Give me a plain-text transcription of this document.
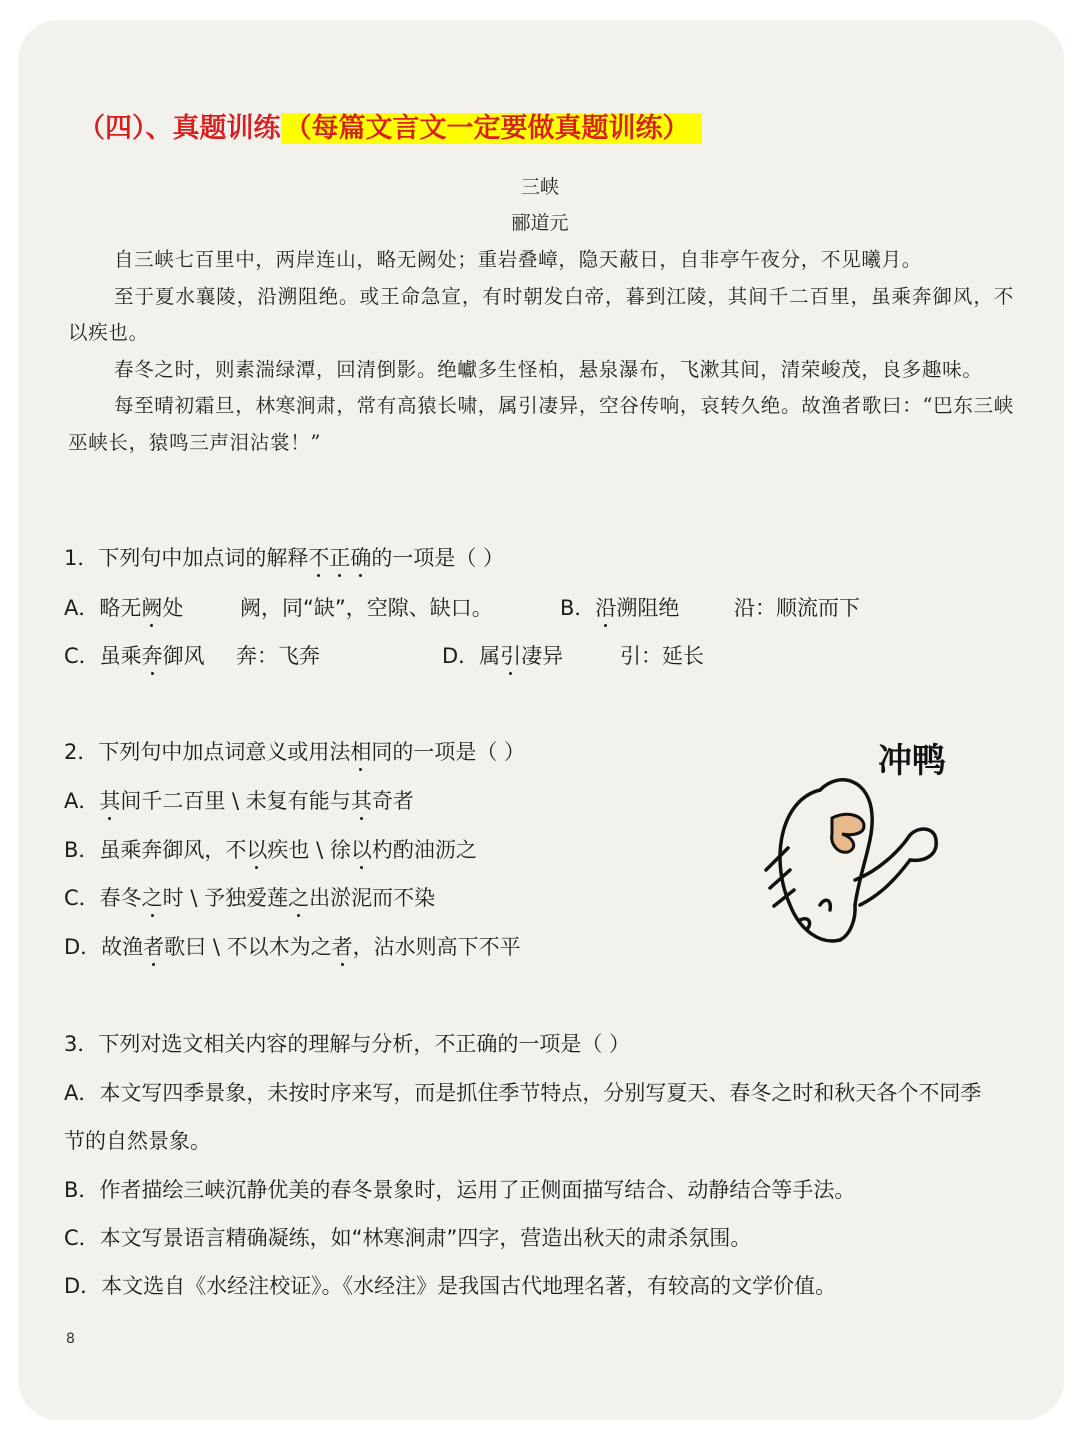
（四）、真题训练 （每篇文言文一定要做真题训练）
三峡
郦道元

自三峡七百里中，两岸连山，略无阙处；重岩叠嶂，隐天蔽日，自非亭午夜分，不见曦月。

至于夏水襄陵，沿溯阻绝。或王命急宣，有时朝发白帝，暮到江陵，其间千二百里，虽乘奔御风，不以疾也。

春冬之时，则素湍绿潭，回清倒影。绝巘多生怪柏，悬泉瀑布，飞漱其间，清荣峻茂，良多趣味。

每至晴初霜旦，林寒涧肃，常有高猿长啸，属引凄异，空谷传响，哀转久绝。故渔者歌曰：“巴东三峡巫峡长，猿鸣三声泪沾裳！”

1．下列句中加点词的解释不正确的一项是（ ）
A．略无阙处	阙，同“缺”，空隙、缺口。	B．沿溯阻绝	沿：顺流而下
C．虽乘奔御风 奔：飞奔	D．属引凄异	引：延长
2．下列句中加点词意义或用法相同的一项是（ ）
A．其间千二百里 \ 未复有能与其奇者
B．虽乘奔御风，不以疾也 \ 徐以杓酌油沥之
C．春冬之时 \ 予独爱莲之出淤泥而不染
D．故渔者歌曰 \ 不以木为之者，沾水则高下不平
冲鸭
3．下列对选文相关内容的理解与分析，不正确的一项是（ ）
A．本文写四季景象，未按时序来写，而是抓住季节特点，分别写夏天、春冬之时和秋天各个不同季
节的自然景象。
B．作者描绘三峡沉静优美的春冬景象时，运用了正侧面描写结合、动静结合等手法。
C．本文写景语言精确凝练，如“林寒涧肃”四字，营造出秋天的肃杀氛围。
D．本文选自《水经注校证》。《水经注》是我国古代地理名著，有较高的文学价值。
8
